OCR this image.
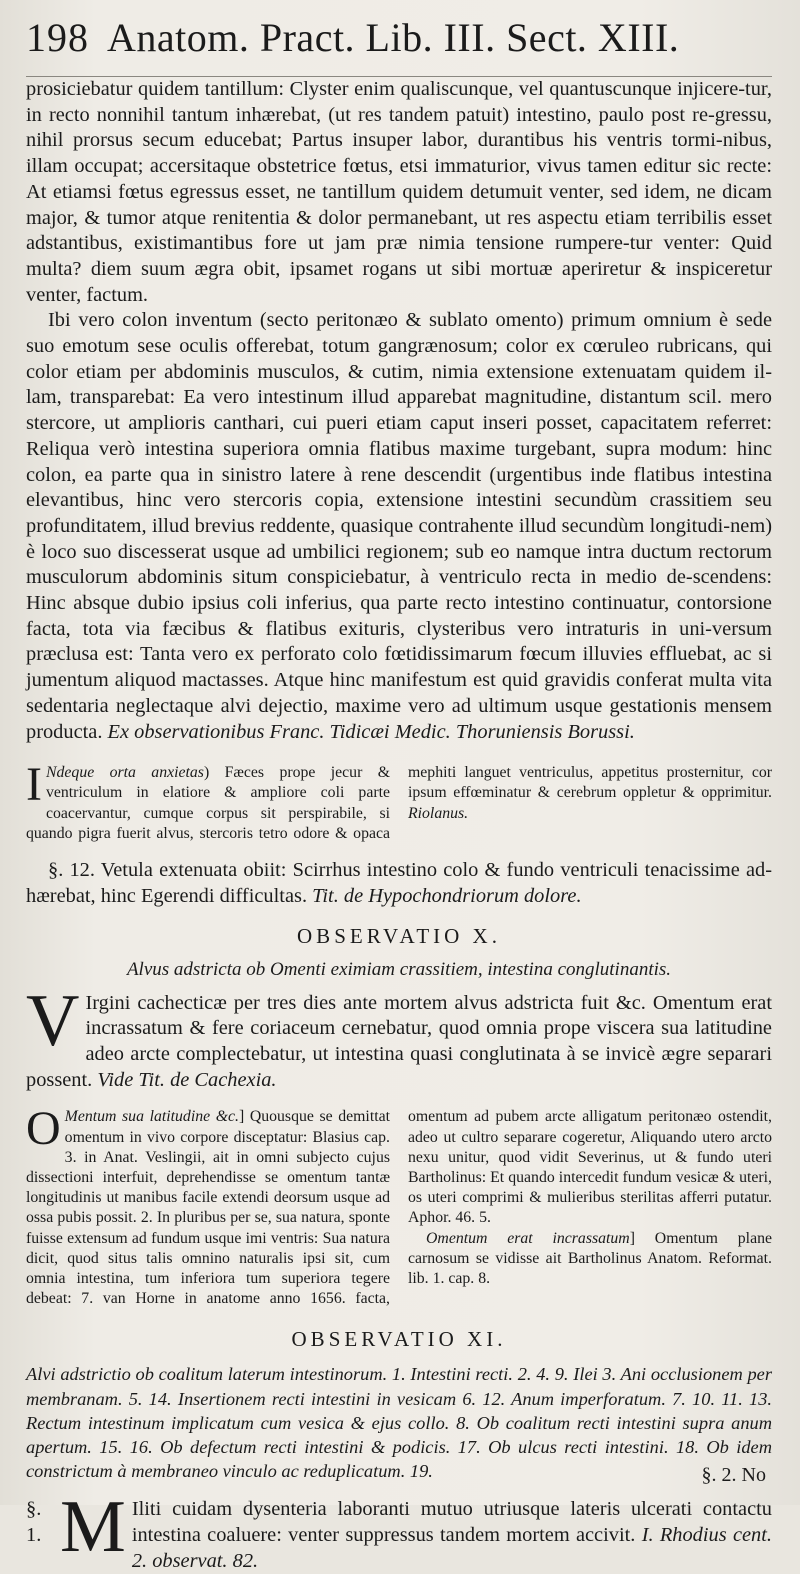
198 Anatom. Pract. Lib. III. Sect. XIII.

prosiciebatur quidem tantillum: Clyster enim qualiscunque, vel quantuscunque injicere-tur, in recto nonnihil tantum inhærebat, (ut res tandem patuit) intestino, paulo post re-gressu, nihil prorsus secum educebat; Partus insuper labor, durantibus his ventris tormi-nibus, illam occupat; accersitaque obstetrice fœtus, etsi immaturior, vivus tamen editur sic recte: At etiamsi fœtus egressus esset, ne tantillum quidem detumuit venter, sed idem, ne dicam major, & tumor atque renitentia & dolor permanebant, ut res aspectu etiam terribilis esset adstantibus, existimantibus fore ut jam præ nimia tensione rumpere-tur venter: Quid multa? diem suum ægra obit, ipsamet rogans ut sibi mortuæ aperiretur & inspiceretur venter, factum.

Ibi vero colon inventum (secto peritonæo & sublato omento) primum omnium è sede suo emotum sese oculis offerebat, totum gangrænosum; color ex cœruleo rubricans, qui color etiam per abdominis musculos, & cutim, nimia extensione extenuatam quidem il-lam, transparebat: Ea vero intestinum illud apparebat magnitudine, distantum scil. mero stercore, ut amplioris canthari, cui pueri etiam caput inseri posset, capacitatem referret: Reliqua verò intestina superiora omnia flatibus maxime turgebant, supra modum: hinc colon, ea parte qua in sinistro latere à rene descendit (urgentibus inde flatibus intestina elevantibus, hinc vero stercoris copia, extensione intestini secundùm crassitiem seu profunditatem, illud brevius reddente, quasique contrahente illud secundùm longitudi-nem) è loco suo discesserat usque ad umbilici regionem; sub eo namque intra ductum rectorum musculorum abdominis situm conspiciebatur, à ventriculo recta in medio de-scendens: Hinc absque dubio ipsius coli inferius, qua parte recto intestino continuatur, contorsione facta, tota via fæcibus & flatibus exituris, clysteribus vero intraturis in uni-versum præclusa est: Tanta vero ex perforato colo fœtidissimarum fœcum illuvies effluebat, ac si jumentum aliquod mactasses. Atque hinc manifestum est quid gravidis conferat multa vita sedentaria neglectaque alvi dejectio, maxime vero ad ultimum usque gestationis mensem producta. Ex observationibus Franc. Tidicæi Medic. Thoruniensis Borussi.

I Ndeque orta anxietas) Fæces prope jecur & ventriculum in elatiore & ampliore coli parte coacervantur, cumque corpus sit perspirabile, si quando pigra fuerit alvus, stercoris tetro odore & opaca mephiti languet ventriculus, appetitus prosternitur, cor ipsum effœminatur & cerebrum oppletur & opprimitur. Riolanus.

§. 12. Vetula extenuata obiit: Scirrhus intestino colo & fundo ventriculi tenacissime ad-hærebat, hinc Egerendi difficultas. Tit. de Hypochondriorum dolore.

OBSERVATIO X.

Alvus adstricta ob Omenti eximiam crassitiem, intestina conglutinantis.

V Irgini cachecticæ per tres dies ante mortem alvus adstricta fuit &c. Omentum erat incrassatum & fere coriaceum cernebatur, quod omnia prope viscera sua latitudine adeo arcte complectebatur, ut intestina quasi conglutinata à se invicè ægre separari possent. Vide Tit. de Cachexia.

O Mentum sua latitudine &c.] Quousque se demittat omentum in vivo corpore disceptatur: Blasius cap. 3. in Anat. Veslingii, ait in omni subjecto cujus dissectioni interfuit, deprehendisse se omentum tantæ longitudinis ut manibus facile extendi deorsum usque ad ossa pubis possit. 2. In pluribus per se, sua natura, sponte fuisse extensum ad fundum usque imi ventris: Sua natura dicit, quod situs talis omnino naturalis ipsi sit, cum omnia intestina, tum inferiora tum superiora tegere debeat: 7. van Horne in anatome anno 1656. facta, omentum ad pubem arcte alligatum peritonæo ostendit, adeo ut cultro separare cogeretur, Aliquando utero arcto nexu unitur, quod vidit Severinus, ut & fundo uteri Bartholinus: Et quando intercedit fundum vesicæ & uteri, os uteri comprimi & mulieribus sterilitas afferri putatur. Aphor. 46. 5.

Omentum erat incrassatum] Omentum plane carnosum se vidisse ait Bartholinus Anatom. Reformat. lib. 1. cap. 8.

OBSERVATIO XI.

Alvi adstrictio ob coalitum laterum intestinorum. 1. Intestini recti. 2. 4. 9. Ilei 3. Ani occlusionem per membranam. 5. 14. Insertionem recti intestini in vesicam 6. 12. Anum imperforatum. 7. 10. 11. 13. Rectum intestinum implicatum cum vesica & ejus collo. 8. Ob coalitum recti intestini supra anum apertum. 15. 16. Ob defectum recti intestini & podicis. 17. Ob ulcus recti intestini. 18. Ob idem constrictum à membraneo vinculo ac reduplicatum. 19.

§. 1. M Iliti cuidam dysenteria laboranti mutuo utriusque lateris ulcerati contactu intestina coaluere: venter suppressus tandem mortem accivit. I. Rhodius cent. 2. observat. 82.

§. 2. No
